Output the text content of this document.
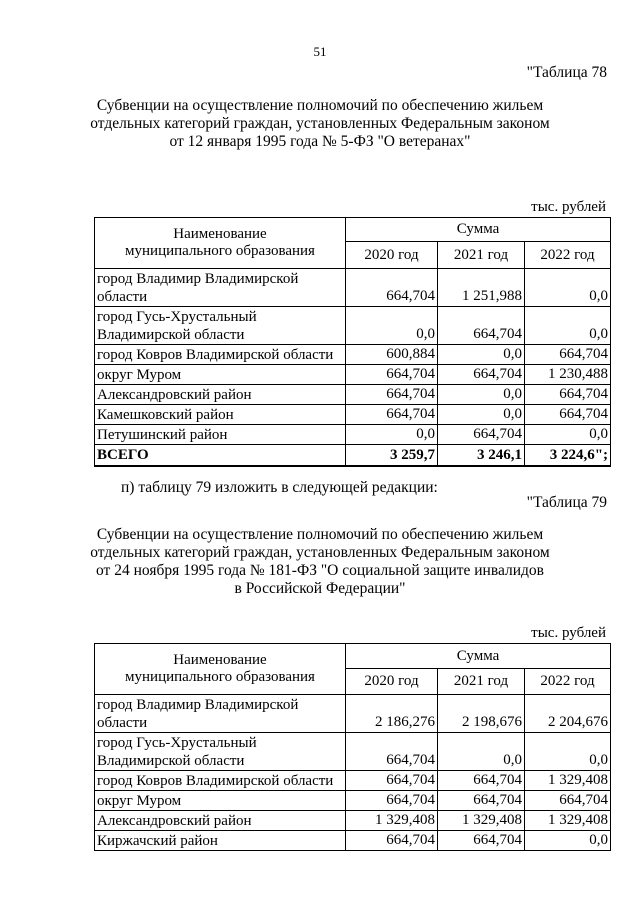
51
"Таблица 78
Субвенции на осуществление полномочий по обеспечению жильем
отдельных категорий граждан, установленных Федеральным законом
от 12 января 1995 года № 5-ФЗ "О ветеранах"
тыс. рублей
Наименование
муниципального образования	Сумма		
	2020 год	2021 год	2022 год

город Владимир Владимирской
области	664,704	1 251,988	0,0

город Гусь-Хрустальный
Владимирской области	0,0	664,704	0,0

город Ковров Владимирской области	600,884	0,0	664,704

округ Муром	664,704	664,704	1 230,488

Александровский район	664,704	0,0	664,704

Камешковский район	664,704	0,0	664,704

Петушинский район	0,0	664,704	0,0
ВСЕГО	3 259,7	3 246,1	3 224,6";
п) таблицу 79 изложить в следующей редакции:
"Таблица 79
Субвенции на осуществление полномочий по обеспечению жильем
отдельных категорий граждан, установленных Федеральным законом
от 24 ноября 1995 года № 181-ФЗ "О социальной защите инвалидов
в Российской Федерации"
тыс. рублей
Наименование
муниципального образования	Сумма		
	2020 год	2021 год	2022 год

город Владимир Владимирской
области	2 186,276	2 198,676	2 204,676

город Гусь-Хрустальный
Владимирской области	664,704	0,0	0,0

город Ковров Владимирской области	664,704	664,704	1 329,408

округ Муром	664,704	664,704	664,704

Александровский район	1 329,408	1 329,408	1 329,408

Киржачский район	664,704	664,704	0,0
